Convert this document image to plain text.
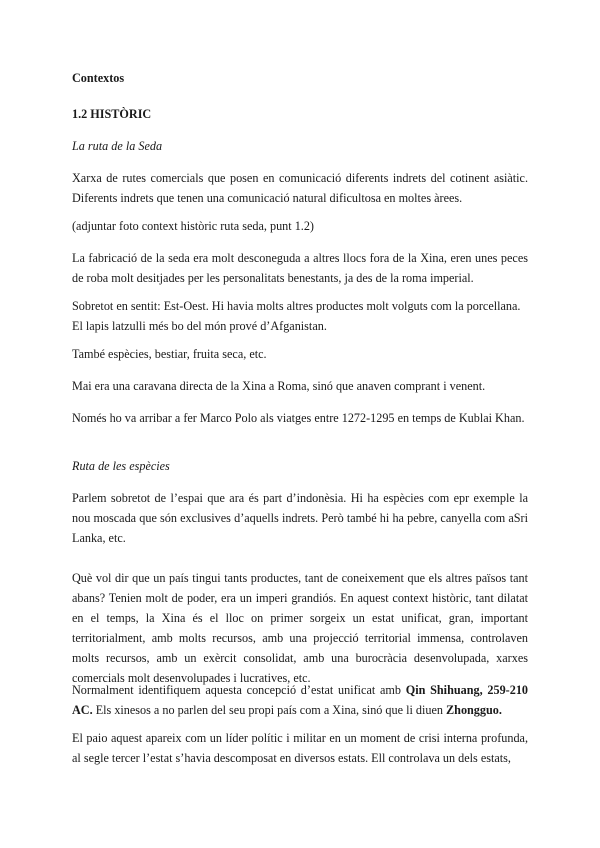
Contextos

1.2 HISTÒRIC

La ruta de la Seda

Xarxa de rutes comercials que posen en comunicació diferents indrets del cotinent asiàtic. Diferents indrets que tenen una comunicació natural dificultosa en moltes àrees.

(adjuntar foto context històric ruta seda, punt 1.2)

La fabricació de la seda era molt desconeguda a altres llocs fora de la Xina, eren unes peces de roba molt desitjades per les personalitats benestants, ja des de la roma imperial.

Sobretot en sentit: Est-Oest. Hi havia molts altres productes molt volguts com la porcellana. El lapis latzulli més bo del món prové d’Afganistan.

També espècies, bestiar, fruita seca, etc.

Mai era una caravana directa de la Xina a Roma, sinó que anaven comprant i venent.

Només ho va arribar a fer Marco Polo als viatges entre 1272-1295 en temps de Kublai Khan.

Ruta de les espècies

Parlem sobretot de l’espai que ara és part d’indonèsia. Hi ha espècies com epr exemple la nou moscada que són exclusives d’aquells indrets. Però també hi ha pebre, canyella com aSri Lanka, etc.

Què vol dir que un país tingui tants productes, tant de coneixement que els altres països tant abans? Tenien molt de poder, era un imperi grandiós. En aquest context històric, tant dilatat en el temps, la Xina és el lloc on primer sorgeix un estat unificat, gran, important territorialment, amb molts recursos, amb una projecció territorial immensa, controlaven molts recursos, amb un exèrcit consolidat, amb una burocràcia desenvolupada, xarxes comercials molt desenvolupades i lucratives, etc.

Normalment identifiquem aquesta concepció d’estat unificat amb Qin Shihuang, 259-210 AC. Els xinesos a no parlen del seu propi país com a Xina, sinó que li diuen Zhongguo.

El paio aquest apareix com un líder polític i militar en un moment de crisi interna profunda, al segle tercer l’estat s’havia descomposat en diversos estats. Ell controlava un dels estats,
